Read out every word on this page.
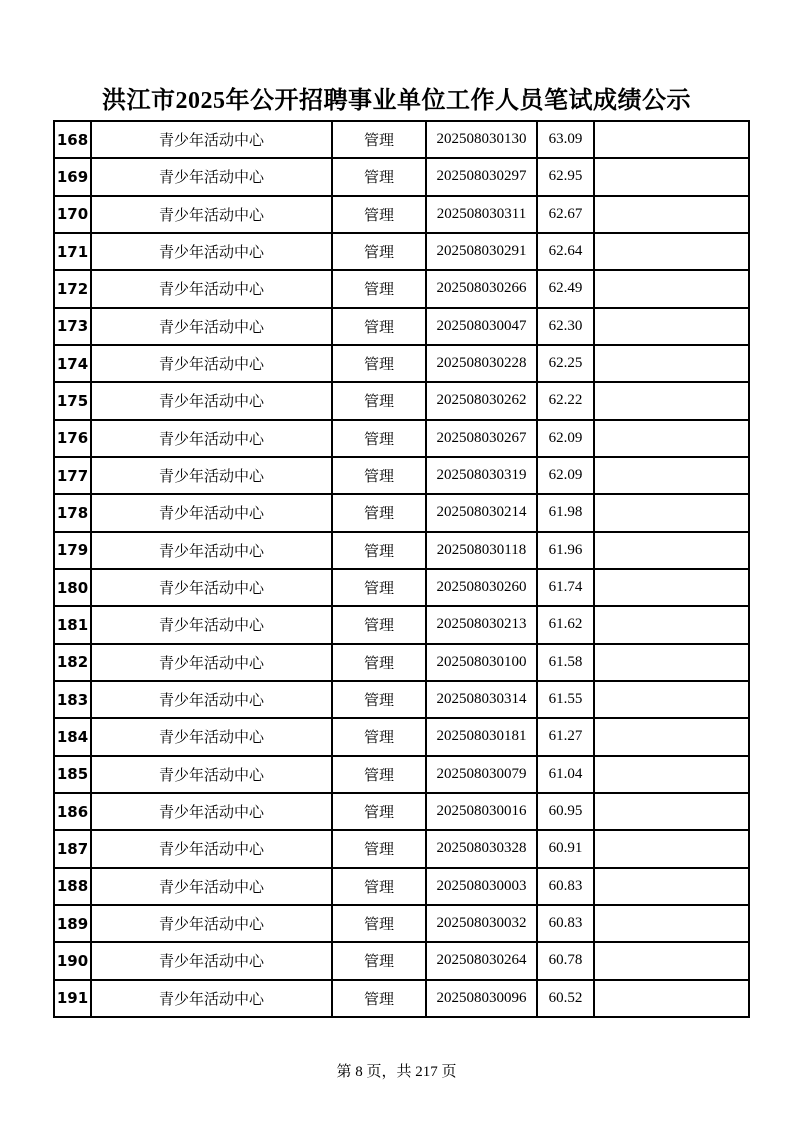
洪江市2025年公开招聘事业单位工作人员笔试成绩公示
168	青少年活动中心	管理	202508030130	63.09	
169	青少年活动中心	管理	202508030297	62.95	
170	青少年活动中心	管理	202508030311	62.67	
171	青少年活动中心	管理	202508030291	62.64	
172	青少年活动中心	管理	202508030266	62.49	
173	青少年活动中心	管理	202508030047	62.30	
174	青少年活动中心	管理	202508030228	62.25	
175	青少年活动中心	管理	202508030262	62.22	
176	青少年活动中心	管理	202508030267	62.09	
177	青少年活动中心	管理	202508030319	62.09	
178	青少年活动中心	管理	202508030214	61.98	
179	青少年活动中心	管理	202508030118	61.96	
180	青少年活动中心	管理	202508030260	61.74	
181	青少年活动中心	管理	202508030213	61.62	
182	青少年活动中心	管理	202508030100	61.58	
183	青少年活动中心	管理	202508030314	61.55	
184	青少年活动中心	管理	202508030181	61.27	
185	青少年活动中心	管理	202508030079	61.04	
186	青少年活动中心	管理	202508030016	60.95	
187	青少年活动中心	管理	202508030328	60.91	
188	青少年活动中心	管理	202508030003	60.83	
189	青少年活动中心	管理	202508030032	60.83	
190	青少年活动中心	管理	202508030264	60.78	
191	青少年活动中心	管理	202508030096	60.52	
第 8 页，共 217 页
